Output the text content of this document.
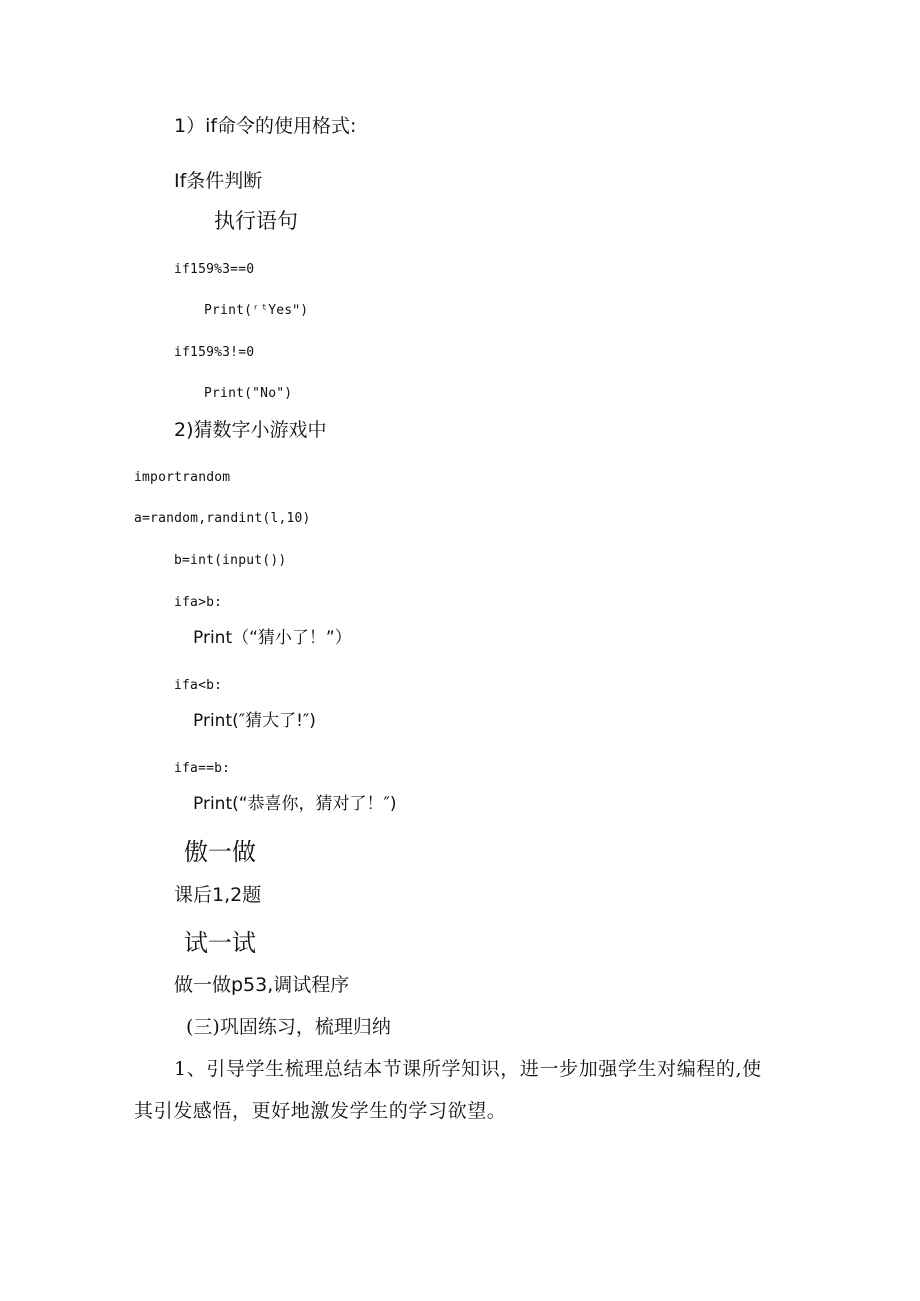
1）if命令的使用格式:

If条件判断

执行语句

if159%3==0

Print(ʳᵗYesʺ)

if159%3!=0

Print("No")

2)猜数字小游戏中

importrandom

a=random,randint(l,10)

b=int(input())

ifa>b:

Print（“猜小了！”）

ifa<b:

Print(″猜大了!″)

ifa==b:

Print(“恭喜你，猜对了！″)

傲一做

课后1,2题

试一试

做一做p53,调试程序

(三)巩固练习，梳理归纳

1、引导学生梳理总结本节课所学知识，进一步加强学生对编程的,使

其引发感悟，更好地激发学生的学习欲望。
